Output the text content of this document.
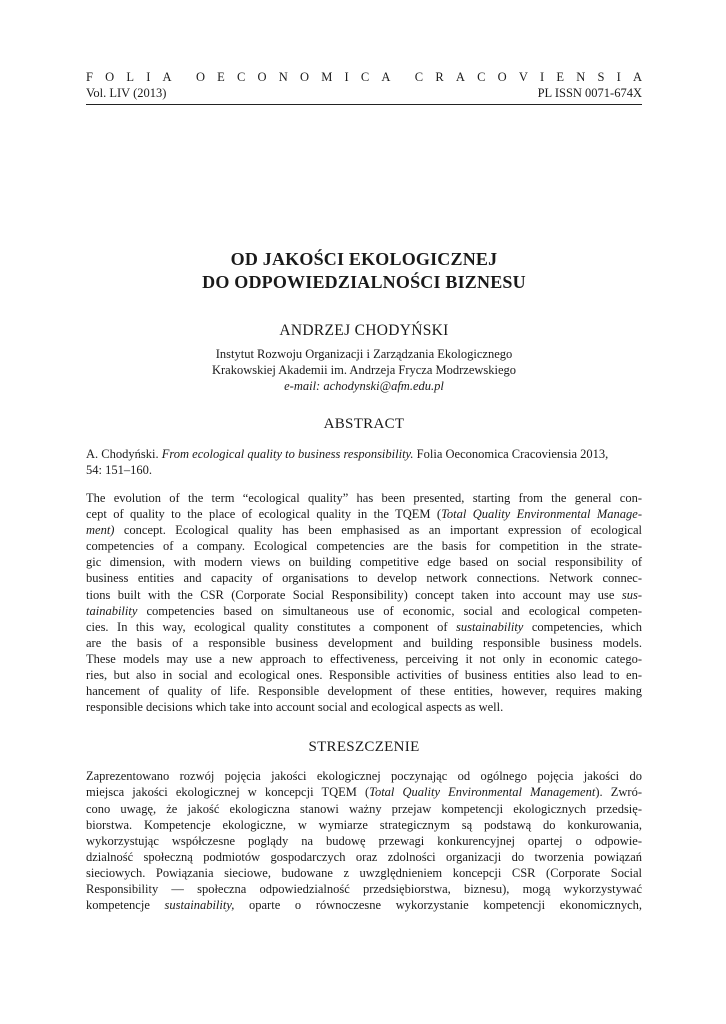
F O L I A O E C O N O M I C A C R A C O V I E N S I A
Vol. LIV (2013)	PL ISSN 0071-674X
OD JAKOŚCI EKOLOGICZNEJ
DO ODPOWIEDZIALNOŚCI BIZNESU
ANDRZEJ CHODYŃSKI
Instytut Rozwoju Organizacji i Zarządzania Ekologicznego
Krakowskiej Akademii im. Andrzeja Frycza Modrzewskiego
e-mail: achodynski@afm.edu.pl
ABSTRACT
A. Chodyński. From ecological quality to business responsibility. Folia Oeconomica Cracoviensia 2013,
54: 151–160.

The evolution of the term “ecological quality” has been presented, starting from the general con-

cept of quality to the place of ecological quality in the TQEM (Total Quality Environmental Manage-

ment) concept. Ecological quality has been emphasised as an important expression of ecological

competencies of a company. Ecological competencies are the basis for competition in the strate-

gic dimension, with modern views on building competitive edge based on social responsibility of

business entities and capacity of organisations to develop network connections. Network connec-

tions built with the CSR (Corporate Social Responsibility) concept taken into account may use sus-

tainability competencies based on simultaneous use of economic, social and ecological competen-

cies. In this way, ecological quality constitutes a component of sustainability competencies, which

are the basis of a responsible business development and building responsible business models.

These models may use a new approach to effectiveness, perceiving it not only in economic catego-

ries, but also in social and ecological ones. Responsible activities of business entities also lead to en-

hancement of quality of life. Responsible development of these entities, however, requires making

responsible decisions which take into account social and ecological aspects as well.

STRESZCZENIE

Zaprezentowano rozwój pojęcia jakości ekologicznej poczynając od ogólnego pojęcia jakości do

miejsca jakości ekologicznej w koncepcji TQEM (Total Quality Environmental Management). Zwró-

cono uwagę, że jakość ekologiczna stanowi ważny przejaw kompetencji ekologicznych przedsię-

biorstwa. Kompetencje ekologiczne, w wymiarze strategicznym są podstawą do konkurowania,

wykorzystując współczesne poglądy na budowę przewagi konkurencyjnej opartej o odpowie-

dzialność społeczną podmiotów gospodarczych oraz zdolności organizacji do tworzenia powiązań

sieciowych. Powiązania sieciowe, budowane z uwzględnieniem koncepcji CSR (Corporate Social

Responsibility — społeczna odpowiedzialność przedsiębiorstwa, biznesu), mogą wykorzystywać

kompetencje sustainability, oparte o równoczesne wykorzystanie kompetencji ekonomicznych,
